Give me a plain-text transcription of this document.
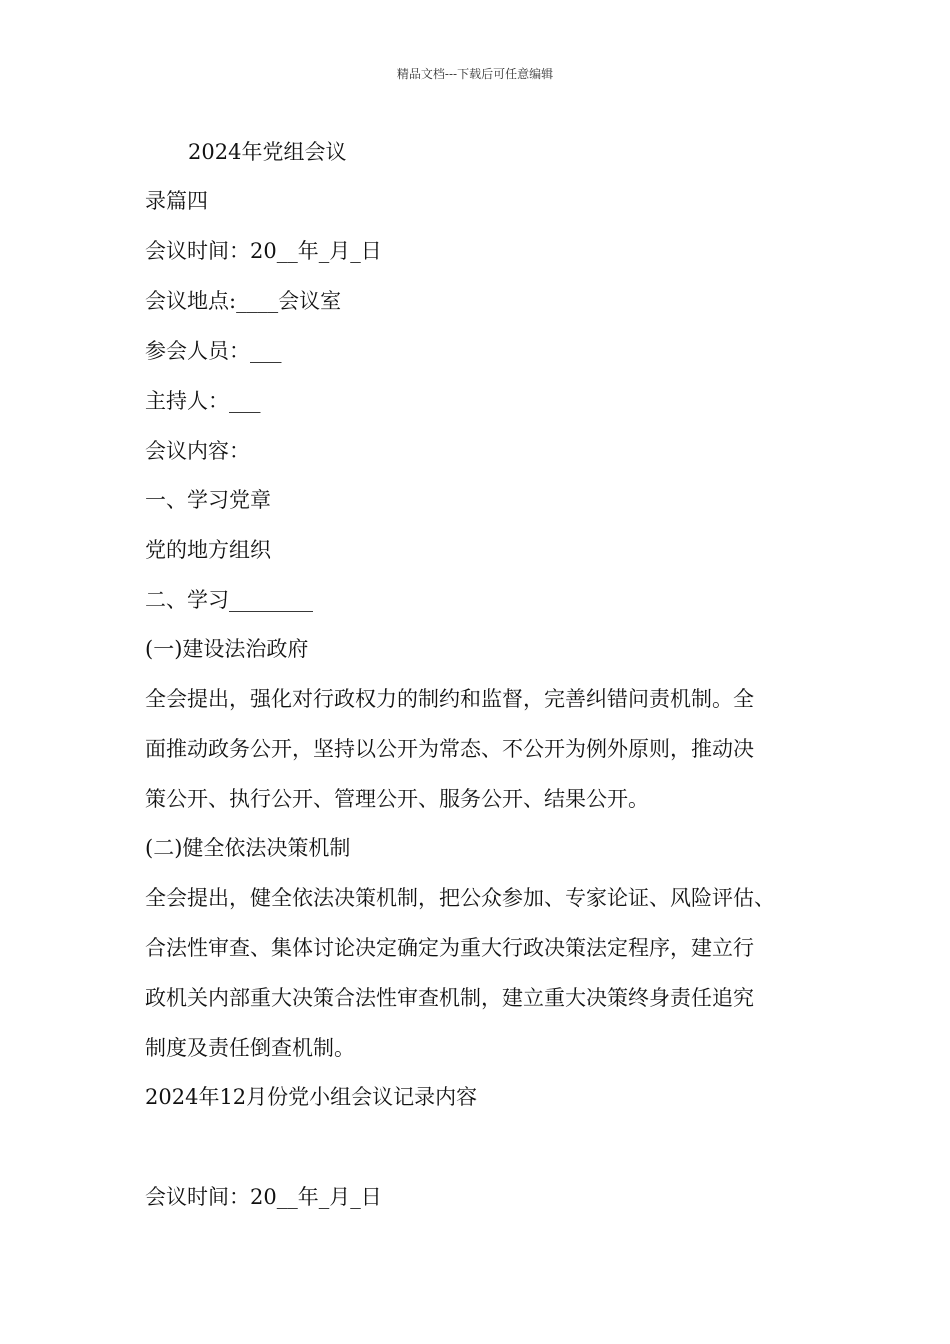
精品文档---下载后可任意编辑
2024年党组会议
录篇四
会议时间：20__年_月_日
会议地点:____会议室
参会人员：___
主持人：___
会议内容：
一、学习党章
党的地方组织
二、学习________
(一)建设法治政府
全会提出，强化对行政权力的制约和监督，完善纠错问责机制。全
面推动政务公开，坚持以公开为常态、不公开为例外原则，推动决
策公开、执行公开、管理公开、服务公开、结果公开。
(二)健全依法决策机制
全会提出，健全依法决策机制，把公众参加、专家论证、风险评估、
合法性审查、集体讨论决定确定为重大行政决策法定程序，建立行
政机关内部重大决策合法性审查机制，建立重大决策终身责任追究
制度及责任倒查机制。
2024年12月份党小组会议记录内容
会议时间：20__年_月_日
